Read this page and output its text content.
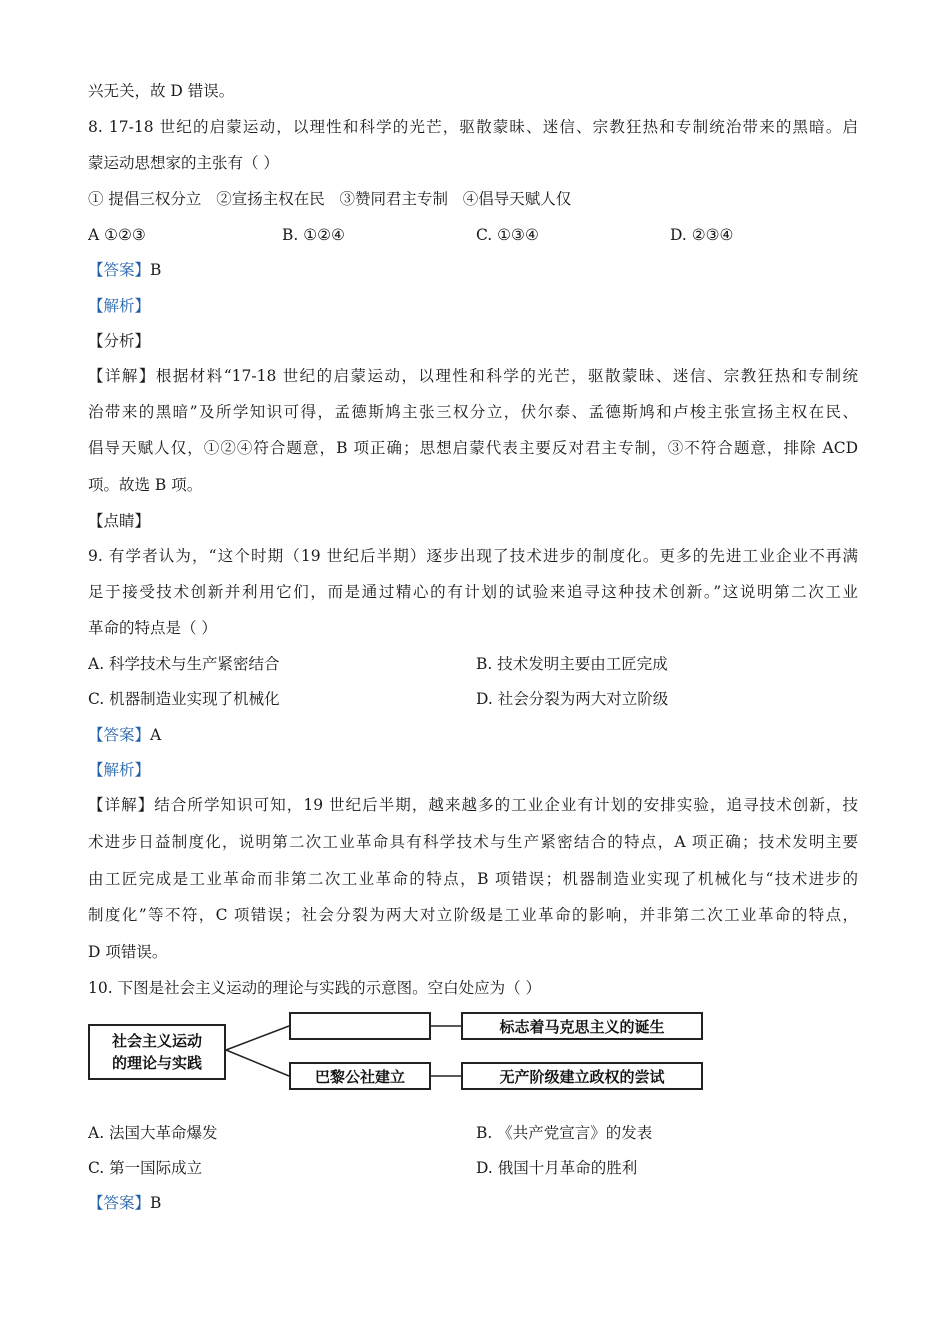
兴无关，故 D 错误。
8. 17-18 世纪的启蒙运动，以理性和科学的光芒，驱散蒙昧、迷信、宗教狂热和专制统治带来的黑暗。启
蒙运动思想家的主张有（ ）
① 提倡三权分立   ②宣扬主权在民   ③赞同君主专制   ④倡导天赋人仅
A ①②③	B. ①②④	C. ①③④	D. ②③④
【答案】B
【解析】
【分析】
【详解】根据材料“17-18 世纪的启蒙运动，以理性和科学的光芒，驱散蒙昧、迷信、宗教狂热和专制统
治带来的黑暗”及所学知识可得，孟德斯鸠主张三权分立，伏尔泰、孟德斯鸠和卢梭主张宣扬主权在民、
倡导天赋人仅，①②④符合题意，B 项正确；思想启蒙代表主要反对君主专制，③不符合题意，排除 ACD
项。故选 B 项。
【点睛】
9. 有学者认为，“这个时期（19 世纪后半期）逐步出现了技术进步的制度化。更多的先进工业企业不再满
足于接受技术创新并利用它们，而是通过精心的有计划的试验来追寻这种技术创新。”这说明第二次工业
革命的特点是（ ）
A. 科学技术与生产紧密结合	B. 技术发明主要由工匠完成
C. 机器制造业实现了机械化	D. 社会分裂为两大对立阶级
【答案】A
【解析】
【详解】结合所学知识可知，19 世纪后半期，越来越多的工业企业有计划的安排实验，追寻技术创新，技
术进步日益制度化，说明第二次工业革命具有科学技术与生产紧密结合的特点，A 项正确；技术发明主要
由工匠完成是工业革命而非第二次工业革命的特点，B 项错误；机器制造业实现了机械化与“技术进步的
制度化”等不符，C 项错误；社会分裂为两大对立阶级是工业革命的影响，并非第二次工业革命的特点，
D 项错误。
10. 下图是社会主义运动的理论与实践的示意图。空白处应为（ ）
社会主义运动
的理论与实践
标志着马克思主义的诞生
巴黎公社建立	无产阶级建立政权的尝试
A. 法国大革命爆发	B. 《共产党宣言》的发表
C. 第一国际成立	D. 俄国十月革命的胜利
【答案】B
